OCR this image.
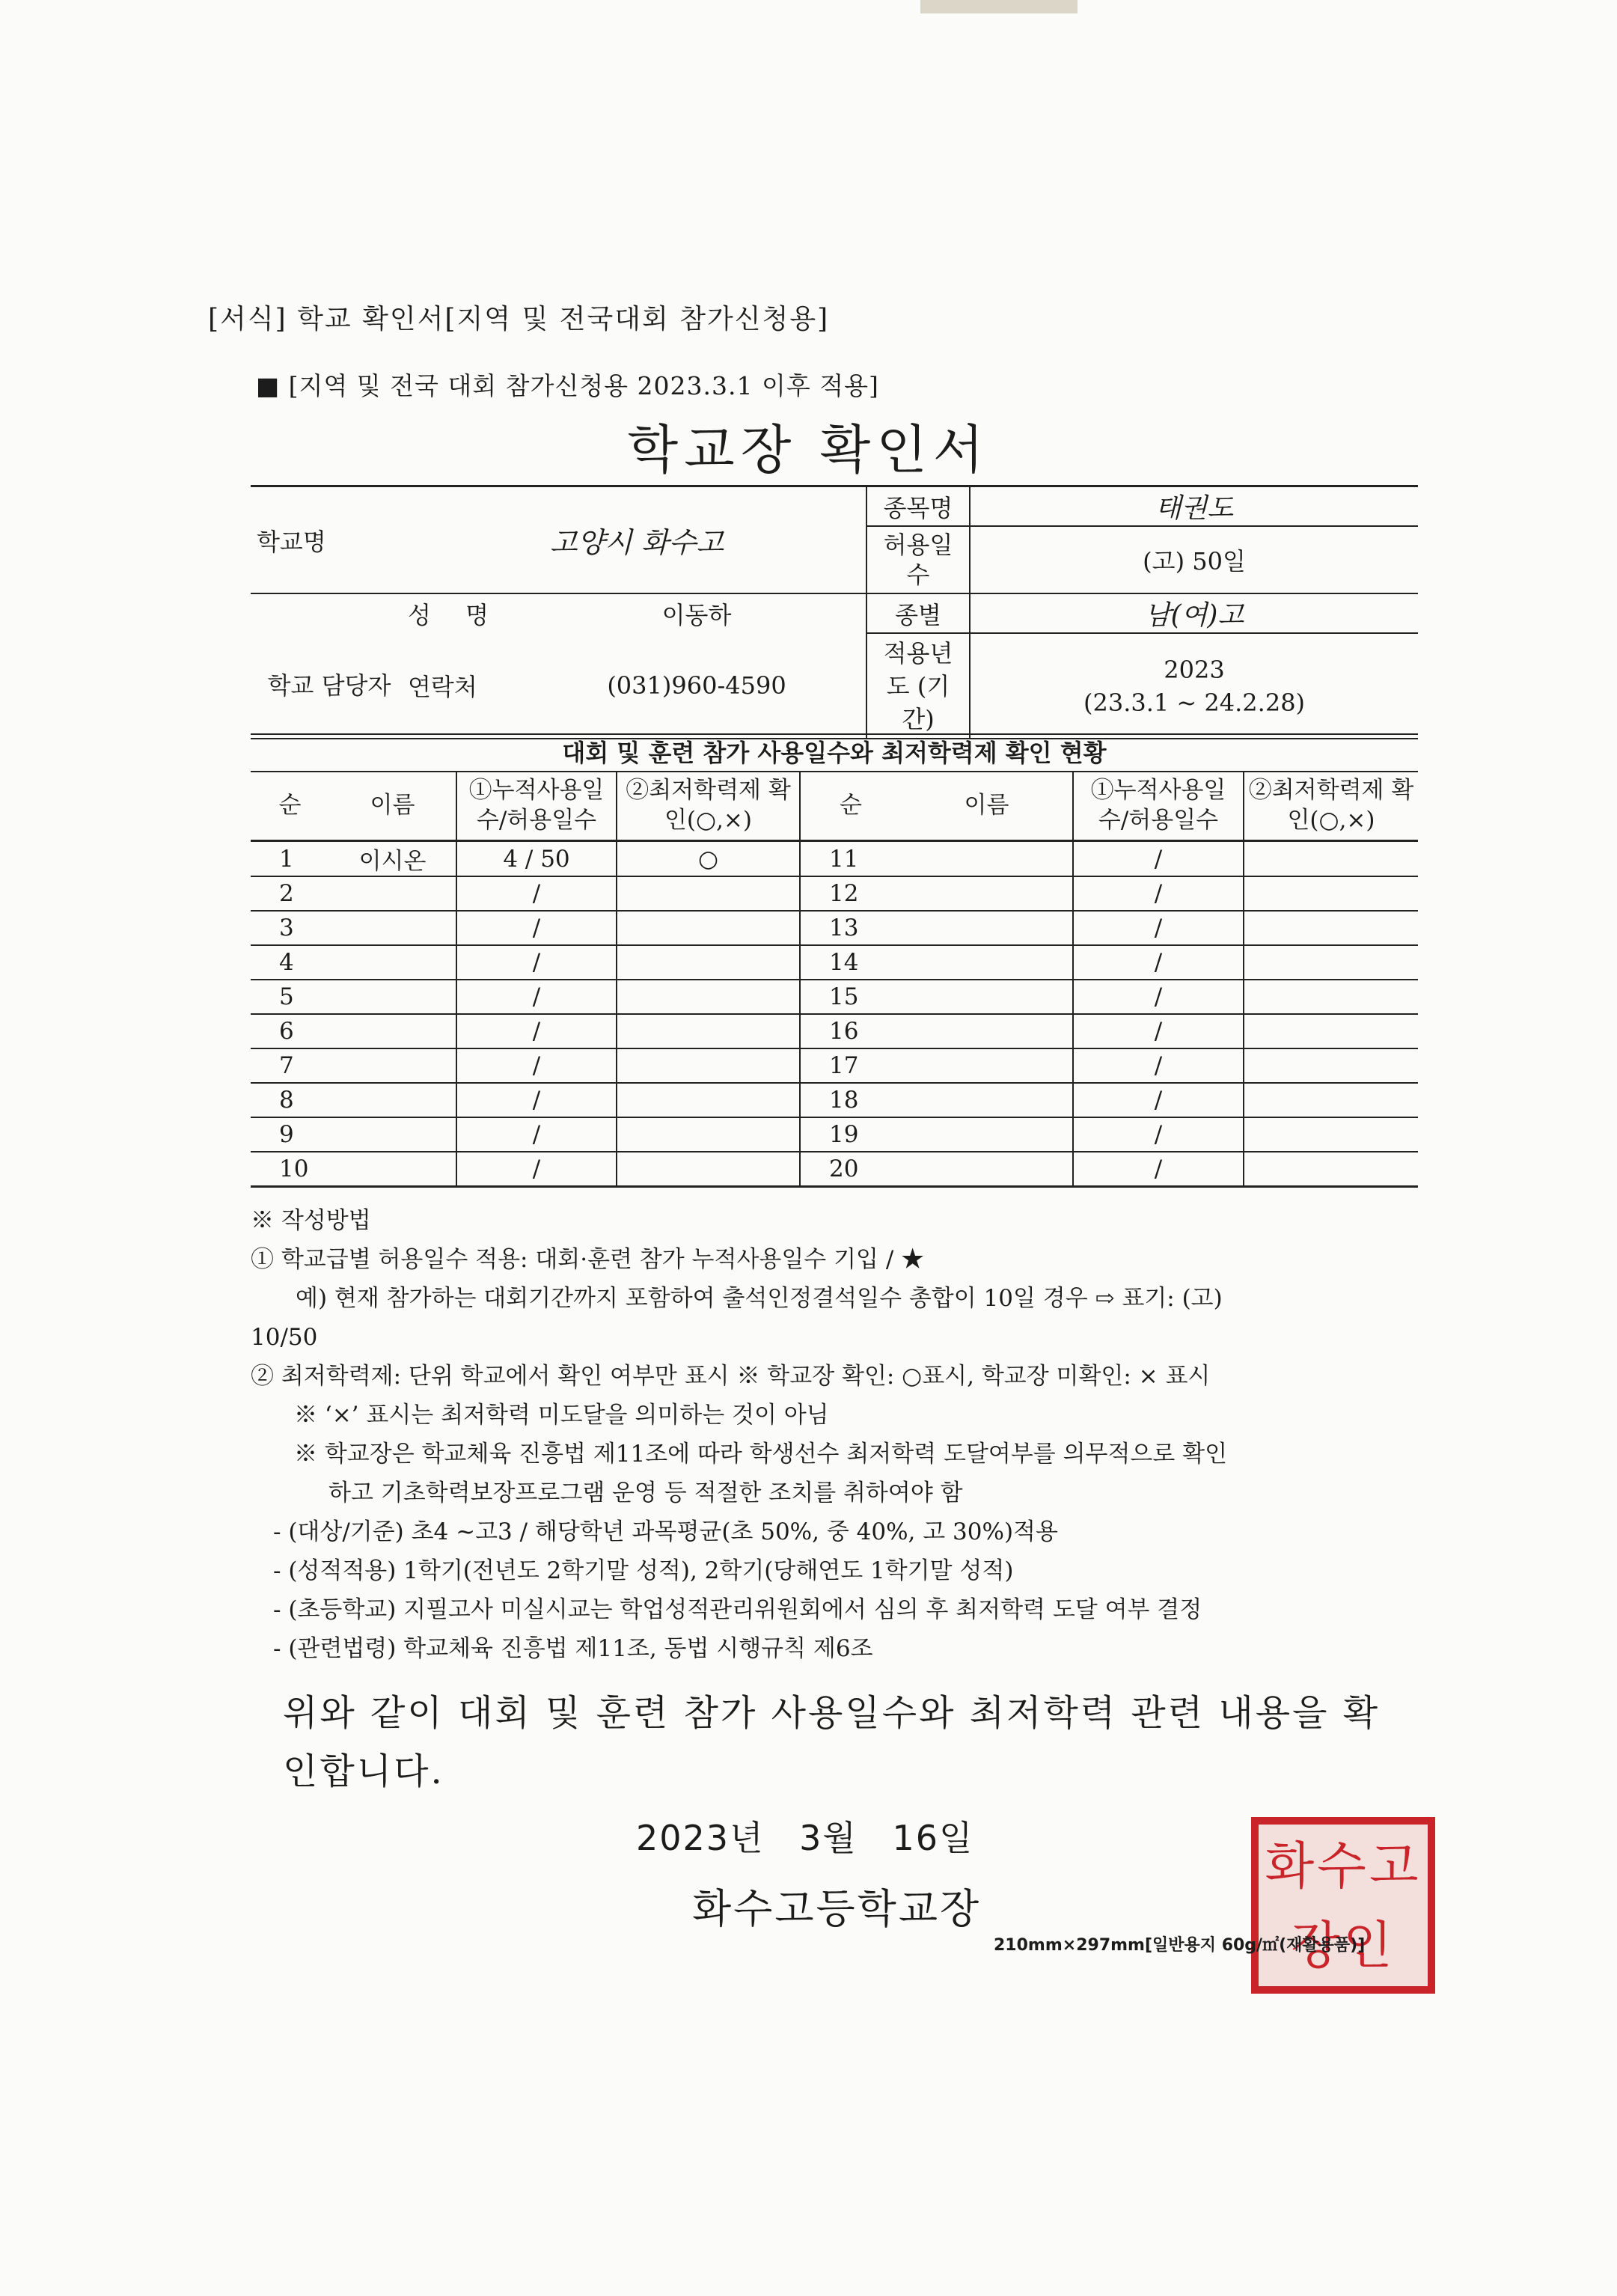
[서식] 학교 확인서[지역 및 전국대회 참가신청용]
■ [지역 및 전국 대회 참가신청용 2023.3.1 이후 적용]
학교장 확인서
학교명	고양시 화수고		종목명	태권도
			허용일수	(고) 50일
	성 명	이동하	종별	남(여)고
학교 담당자	연락처	(031)960-4590	적용년도 (기간)	2023
(23.3.1 ~ 24.2.28)
대회 및 훈련 참가 사용일수와 최저학력제 확인 현황
순	이름	①누적사용일수/허용일수	②최저학력제 확인(○,×)	순	이름	①누적사용일수/허용일수	②최저학력제 확인(○,×)
1	이시온	4 / 50	○	11		/	
2		/		12		/	
3		/		13		/	
4		/		14		/	
5		/		15		/	
6		/		16		/	
7		/		17		/	
8		/		18		/	
9		/		19		/	
10		/		20		/	
※ 작성방법
① 학교급별 허용일수 적용: 대회·훈련 참가 누적사용일수 기입 / ★
예) 현재 참가하는 대회기간까지 포함하여 출석인정결석일수 총합이 10일 경우 ⇨ 표기: (고)
10/50
② 최저학력제: 단위 학교에서 확인 여부만 표시 ※ 학교장 확인: ○표시, 학교장 미확인: × 표시
※ ‘×’ 표시는 최저학력 미도달을 의미하는 것이 아님
※ 학교장은 학교체육 진흥법 제11조에 따라 학생선수 최저학력 도달여부를 의무적으로 확인
하고 기초학력보장프로그램 운영 등 적절한 조치를 취하여야 함
- (대상/기준) 초4 ~고3 / 해당학년 과목평균(초 50%, 중 40%, 고 30%)적용
- (성적적용) 1학기(전년도 2학기말 성적), 2학기(당해연도 1학기말 성적)
- (초등학교) 지필고사 미실시교는 학업성적관리위원회에서 심의 후 최저학력 도달 여부 결정
- (관련법령) 학교체육 진흥법 제11조, 동법 시행규칙 제6조
위와 같이 대회 및 훈련 참가 사용일수와 최저학력 관련 내용을 확인합니다.
2023년 3월 16일
화수고등학교장
화수고
장인
210mm×297mm[일반용지 60g/㎡(재활용품)]
